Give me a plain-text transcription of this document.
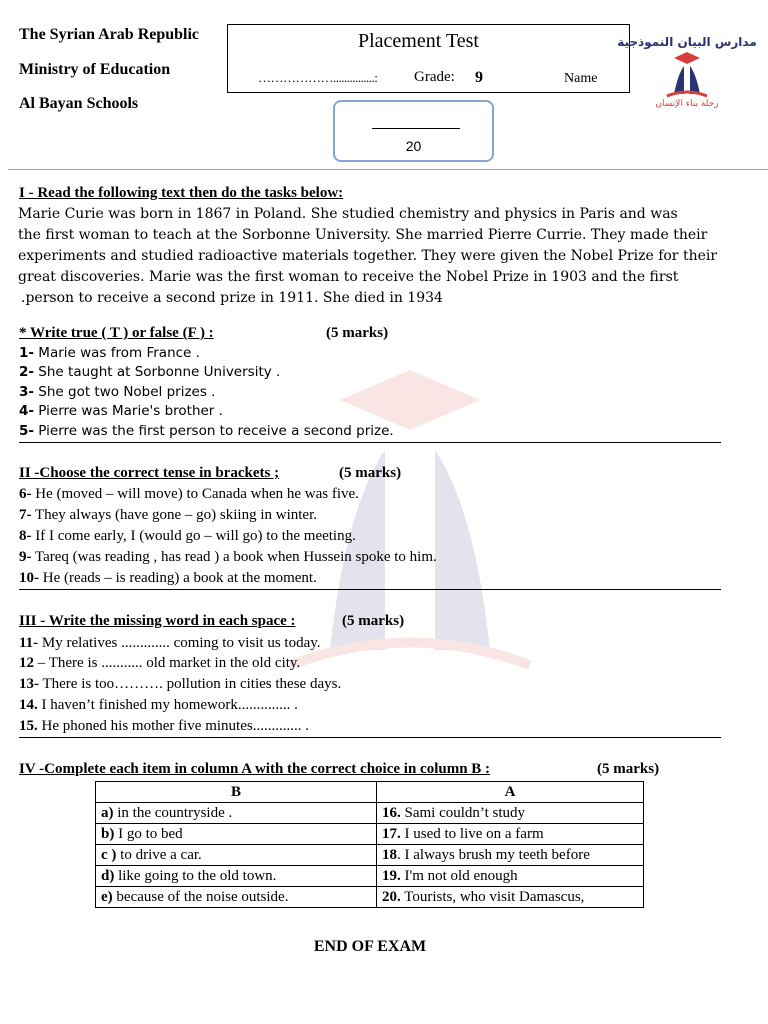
The Syrian Arab Republic
Ministry of Education
Al Bayan Schools
Placement Test
………………...............: Grade: 9	Name
مدارس البيان النموذجية
رحلة بناء الإنسان
20
I - Read the following text then do the tasks below:
Marie Curie was born in 1867 in Poland. She studied chemistry and physics in Paris and was
the first woman to teach at the Sorbonne University. She married Pierre Currie. They made their
experiments and studied radioactive materials together. They were given the Nobel Prize for their
great discoveries. Marie was the first woman to receive the Nobel Prize in 1903 and the first
.person to receive a second prize in 1911. She died in 1934
* Write true ( T ) or false (F ) :	(5 marks)
1- Marie was from France .
2- She taught at Sorbonne University .
3- She got two Nobel prizes .
4- Pierre was Marie's brother .
5- Pierre was the first person to receive a second prize.
II -Choose the correct tense in brackets ;	(5 marks)
6- He (moved – will move) to Canada when he was five.
7- They always (have gone – go) skiing in winter.
8- If I come early, I (would go – will go) to the meeting.
9- Tareq (was reading , has read ) a book when Hussein spoke to him.
10- He (reads – is reading) a book at the moment.
III - Write the missing word in each space :	(5 marks)
11- My relatives ............. coming to visit us today.
12 – There is ........... old market in the old city.
13- There is too………. pollution in cities these days.
14. I haven’t finished my homework.............. .
15. He phoned his mother five minutes............. .
IV -Complete each item in column A with the correct choice in column B :	(5 marks)
B	A
a) in the countryside .	16. Sami couldn’t study
b) I go to bed	17. I used to live on a farm
c ) to drive a car.	18. I always brush my teeth before
d) like going to the old town.	19. I'm not old enough
e) because of the noise outside.	20. Tourists, who visit Damascus,
END OF EXAM
